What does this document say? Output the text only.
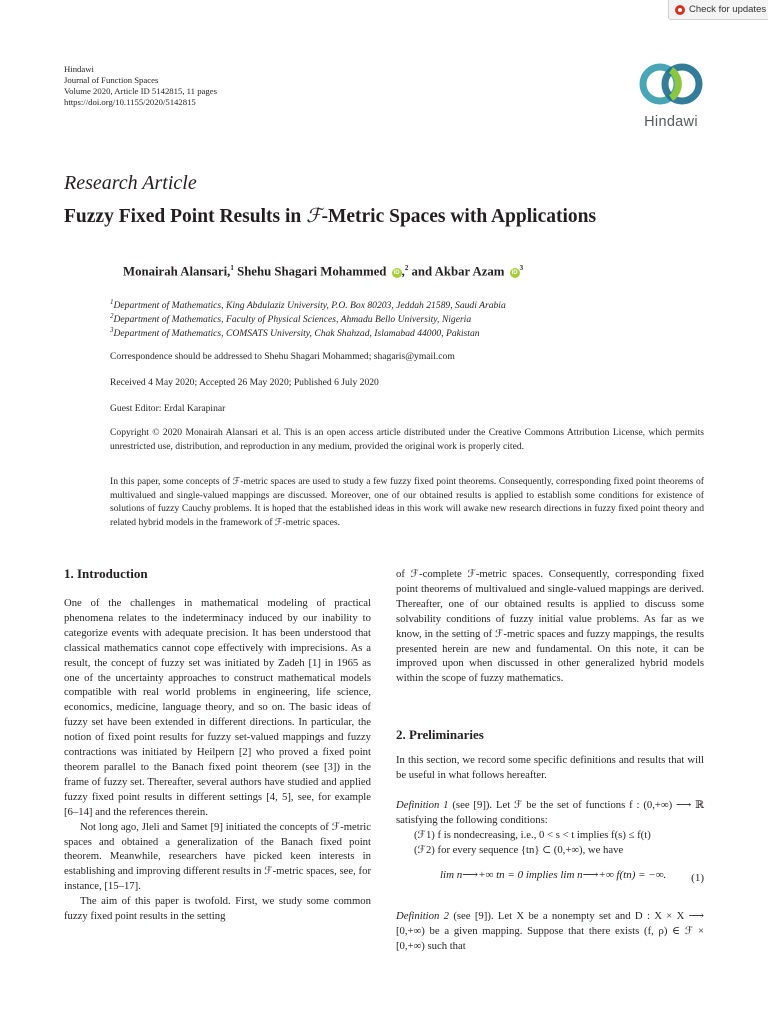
Check for updates
Hindawi
Journal of Function Spaces
Volume 2020, Article ID 5142815, 11 pages
https://doi.org/10.1155/2020/5142815
Hindawi
Research Article
Fuzzy Fixed Point Results in ℱ-Metric Spaces with Applications
Monairah Alansari,$^1$ Shehu Shagari Mohammed iD ,$^2$ and Akbar Azam $iD^3$
$^1$Department of Mathematics, King Abdulaziz University, P.O. Box 80203, Jeddah 21589, Saudi Arabia
$^2$Department of Mathematics, Faculty of Physical Sciences, Ahmadu Bello University, Nigeria
$^3$Department of Mathematics, COMSATS University, Chak Shahzad, Islamabad 44000, Pakistan
Correspondence should be addressed to Shehu Shagari Mohammed; shagaris@ymail.com
Received 4 May 2020; Accepted 26 May 2020; Published 6 July 2020
Guest Editor: Erdal Karapinar
Copyright © 2020 Monairah Alansari et al. This is an open access article distributed under the Creative Commons Attribution License, which permits unrestricted use, distribution, and reproduction in any medium, provided the original work is properly cited.
In this paper, some concepts of ℱ-metric spaces are used to study a few fuzzy fixed point theorems. Consequently, corresponding fixed point theorems of multivalued and single-valued mappings are discussed. Moreover, one of our obtained results is applied to establish some conditions for existence of solutions of fuzzy Cauchy problems. It is hoped that the established ideas in this work will awake new research directions in fuzzy fixed point theory and related hybrid models in the framework of ℱ-metric spaces.
1. Introduction

One of the challenges in mathematical modeling of practical phenomena relates to the indeterminacy induced by our inability to categorize events with adequate precision. It has been understood that classical mathematics cannot cope effectively with imprecisions. As a result, the concept of fuzzy set was initiated by Zadeh [1] in 1965 as one of the uncertainty approaches to construct mathematical models compatible with real world problems in engineering, life science, economics, medicine, language theory, and so on. The basic ideas of fuzzy set have been extended in different directions. In particular, the notion of fixed point results for fuzzy set-valued mappings and fuzzy contractions was initiated by Heilpern [2] who proved a fixed point theorem parallel to the Banach fixed point theorem (see [3]) in the frame of fuzzy set. Thereafter, several authors have studied and applied fuzzy fixed point results in different settings [4, 5], see, for example [6–14] and the references therein.

Not long ago, Jleli and Samet [9] initiated the concepts of ℱ-metric spaces and obtained a generalization of the Banach fixed point theorem. Meanwhile, researchers have picked keen interests in establishing and improving different results in ℱ-metric spaces, see, for instance, [15–17].

The aim of this paper is twofold. First, we study some common fuzzy fixed point results in the setting

of ℱ-complete ℱ-metric spaces. Consequently, corresponding fixed point theorems of multivalued and single-valued mappings are derived. Thereafter, one of our obtained results is applied to discuss some solvability conditions of fuzzy initial value problems. As far as we know, in the setting of ℱ-metric spaces and fuzzy mappings, the results presented herein are new and fundamental. On this note, it can be improved upon when discussed in other generalized hybrid models within the scope of fuzzy mathematics.

2. Preliminaries
In this section, we record some specific definitions and results that will be useful in what follows hereafter.

Definition 1 (see [9]). Let ℱ be the set of functions f : (0,+∞) ⟶ ℝ satisfying the following conditions:

(ℱ1) f is nondecreasing, i.e., 0 < s < t implies f(s) ≤ f(t)

(ℱ2) for every sequence {tn} ⊂ (0,+∞), we have

lim n⟶+∞ tn = 0 implies lim n⟶+∞ f(tn) = −∞. (1)

Definition 2 (see [9]). Let X be a nonempty set and D : X × X ⟶ [0,+∞) be a given mapping. Suppose that there exists (f, ρ) ∈ ℱ × [0,+∞) such that
